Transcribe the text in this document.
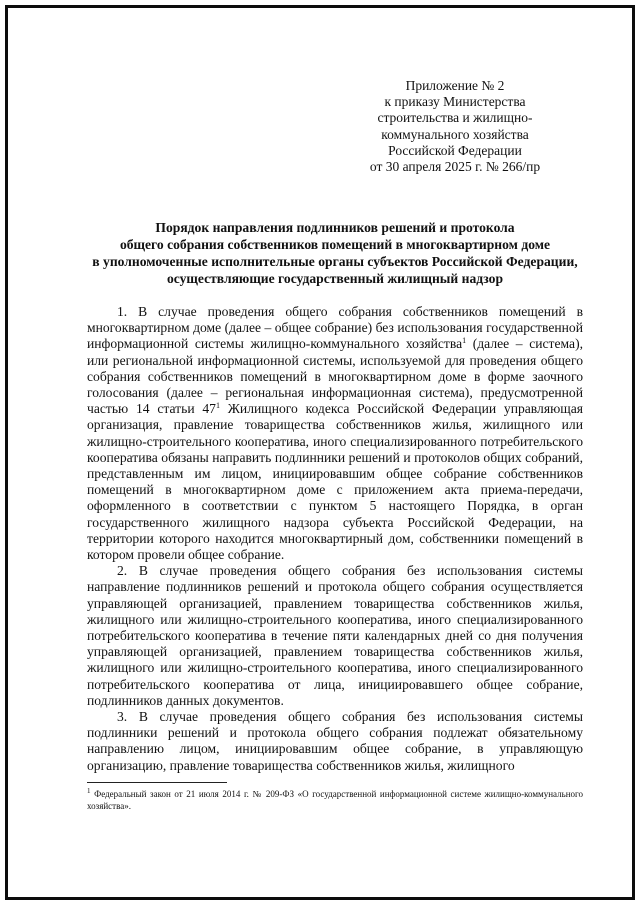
Приложение № 2
к приказу Министерства
строительства и жилищно-
коммунального хозяйства
Российской Федерации
от 30 апреля 2025 г. № 266/пр
Порядок направления подлинников решений и протокола
общего собрания собственников помещений в многоквартирном доме
в уполномоченные исполнительные органы субъектов Российской Федерации,
осуществляющие государственный жилищный надзор

1. В случае проведения общего собрания собственников помещений в многоквартирном доме (далее – общее собрание) без использования государственной информационной системы жилищно-коммунального хозяйства$^1$ (далее – система), или региональной информационной системы, используемой для проведения общего собрания собственников помещений в многоквартирном доме в форме заочного голосования (далее – региональная информационная система), предусмотренной частью 14 статьи $47^1$ Жилищного кодекса Российской Федерации управляющая организация, правление товарищества собственников жилья, жилищного или жилищно-строительного кооператива, иного специализированного потребительского кооператива обязаны направить подлинники решений и протоколов общих собраний, представленным им лицом, инициировавшим общее собрание собственников помещений в многоквартирном доме с приложением акта приема-передачи, оформленного в соответствии с пунктом 5 настоящего Порядка, в орган государственного жилищного надзора субъекта Российской Федерации, на территории которого находится многоквартирный дом, собственники помещений в котором провели общее собрание.

2. В случае проведения общего собрания без использования системы направление подлинников решений и протокола общего собрания осуществляется управляющей организацией, правлением товарищества собственников жилья, жилищного или жилищно-строительного кооператива, иного специализированного потребительского кооператива в течение пяти календарных дней со дня получения управляющей организацией, правлением товарищества собственников жилья, жилищного или жилищно-строительного кооператива, иного специализированного потребительского кооператива от лица, инициировавшего общее собрание, подлинников данных документов.

3. В случае проведения общего собрания без использования системы подлинники решений и протокола общего собрания подлежат обязательному направлению лицом, инициировавшим общее собрание, в управляющую организацию, правление товарищества собственников жилья, жилищного

$^1$ Федеральный закон от 21 июля 2014 г. № 209-ФЗ «О государственной информационной системе жилищно-коммунального хозяйства».
